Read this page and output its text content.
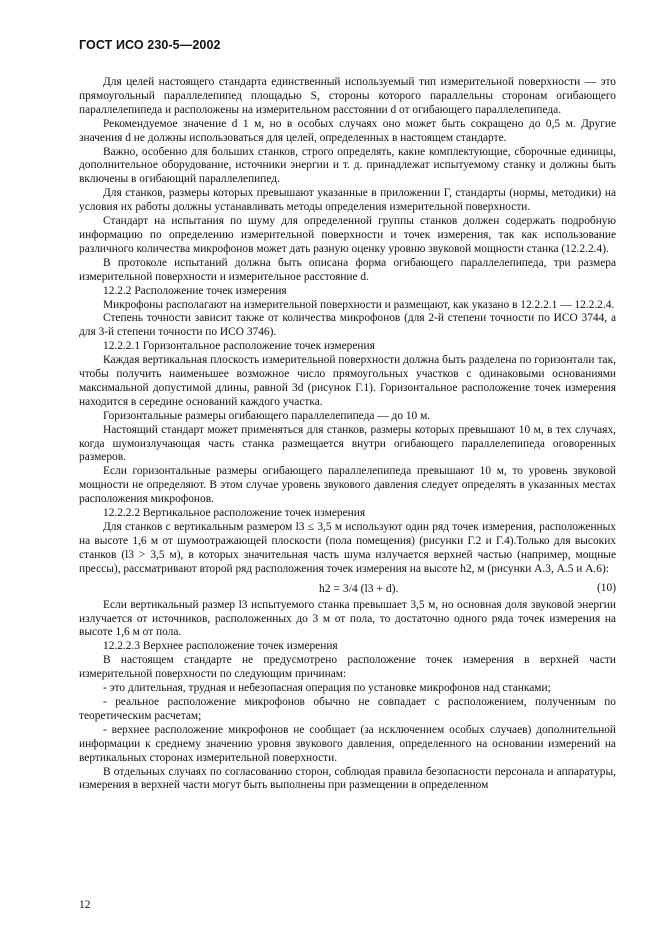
ГОСТ ИСО 230-5—2002

Для целей настоящего стандарта единственный используемый тип измерительной поверхности — это прямоугольный параллелепипед площадью S, стороны которого параллельны сторонам огибающего параллелепипеда и расположены на измерительном расстоянии d от огибающего параллелепипеда.

Рекомендуемое значение d 1 м, но в особых случаях оно может быть сокращено до 0,5 м. Другие значения d не должны использоваться для целей, определенных в настоящем стандарте.

Важно, особенно для больших станков, строго определять, какие комплектующие, сборочные единицы, дополнительное оборудование, источники энергии и т. д. принадлежат испытуемому станку и должны быть включены в огибающий параллелепипед.

Для станков, размеры которых превышают указанные в приложении Г, стандарты (нормы, методики) на условия их работы должны устанавливать методы определения измерительной поверхности.

Стандарт на испытания по шуму для определенной группы станков должен содержать подробную информацию по определению измерительной поверхности и точек измерения, так как использование различного количества микрофонов может дать разную оценку уровню звуковой мощности станка (12.2.2.4).

В протоколе испытаний должна быть описана форма огибающего параллелепипеда, три размера измерительной поверхности и измерительное расстояние d.

12.2.2 Расположение точек измерения

Микрофоны располагают на измерительной поверхности и размещают, как указано в 12.2.2.1 — 12.2.2.4.

Степень точности зависит также от количества микрофонов (для 2-й степени точности по ИСО 3744, а для 3-й степени точности по ИСО 3746).

12.2.2.1 Горизонтальное расположение точек измерения

Каждая вертикальная плоскость измерительной поверхности должна быть разделена по горизонтали так, чтобы получить наименьшее возможное число прямоугольных участков с одинаковыми основаниями максимальной допустимой длины, равной 3d (рисунок Г.1). Горизонтальное расположение точек измерения находится в середине оснований каждого участка.

Горизонтальные размеры огибающего параллелепипеда — до 10 м.

Настоящий стандарт может применяться для станков, размеры которых превышают 10 м, в тех случаях, когда шумоизлучающая часть станка размещается внутри огибающего параллелепипеда оговоренных размеров.

Если горизонтальные размеры огибающего параллелепипеда превышают 10 м, то уровень звуковой мощности не определяют. В этом случае уровень звукового давления следует определять в указанных местах расположения микрофонов.

12.2.2.2 Вертикальное расположение точек измерения

Для станков с вертикальным размером l3 ≤ 3,5 м используют один ряд точек измерения, расположенных на высоте 1,6 м от шумоотражающей плоскости (пола помещения) (рисунки Г.2 и Г.4).Только для высоких станков (l3 > 3,5 м), в которых значительная часть шума излучается верхней частью (например, мощные прессы), рассматривают второй ряд расположения точек измерения на высоте h2, м (рисунки А.3, А.5 и А.6):

h2 = 3/4 (l3 + d).	(10)

Если вертикальный размер l3 испытуемого станка превышает 3,5 м, но основная доля звуковой энергии излучается от источников, расположенных до 3 м от пола, то достаточно одного ряда точек измерения на высоте 1,6 м от пола.

12.2.2.3 Верхнее расположение точек измерения

В настоящем стандарте не предусмотрено расположение точек измерения в верхней части измерительной поверхности по следующим причинам:

- это длительная, трудная и небезопасная операция по установке микрофонов над станками;

- реальное расположение микрофонов обычно не совпадает с расположением, полученным по теоретическим расчетам;

- верхнее расположение микрофонов не сообщает (за исключением особых случаев) дополнительной информации к среднему значению уровня звукового давления, определенного на основании измерений на вертикальных сторонах измерительной поверхности.

В отдельных случаях по согласованию сторон, соблюдая правила безопасности персонала и аппаратуры, измерения в верхней части могут быть выполнены при размещении в определенном

12
